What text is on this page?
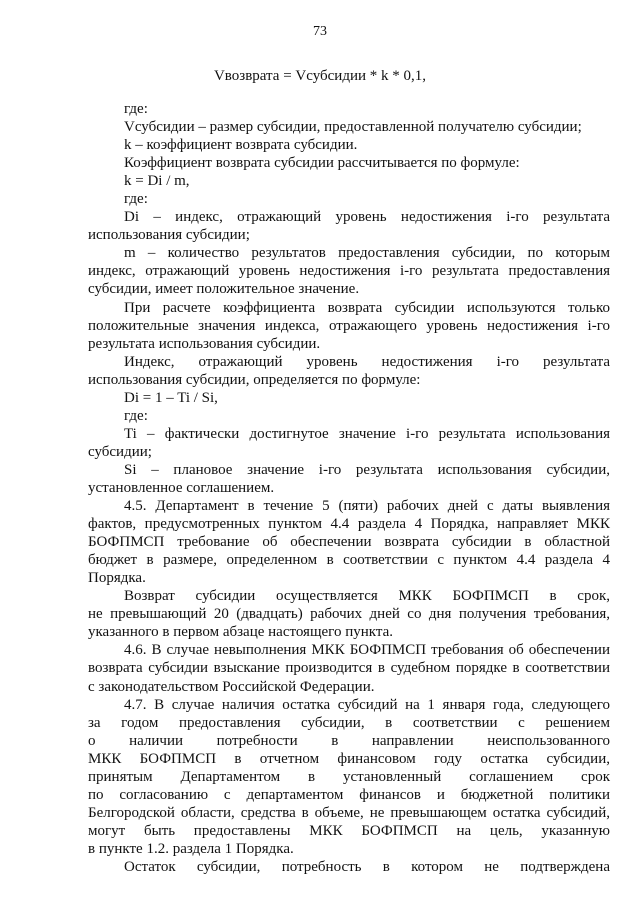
73
Vвозврата = Vсубсидии * k * 0,1,
где:
Vсубсидии – размер субсидии, предоставленной получателю субсидии;
k – коэффициент возврата субсидии.
Коэффициент возврата субсидии рассчитывается по формуле:
k = Di / m,
где:
Di – индекс, отражающий уровень недостижения i-го результата
использования субсидии;
m – количество результатов предоставления субсидии, по которым
индекс, отражающий уровень недостижения i-го результата предоставления
субсидии, имеет положительное значение.
При расчете коэффициента возврата субсидии используются только
положительные значения индекса, отражающего уровень недостижения i-го
результата использования субсидии.
Индекс, отражающий уровень недостижения i-го результата
использования субсидии, определяется по формуле:
Di = 1 – Ti / Si,
где:
Ti – фактически достигнутое значение i-го результата использования
субсидии;
Si – плановое значение i-го результата использования субсидии,
установленное соглашением.
4.5. Департамент в течение 5 (пяти) рабочих дней с даты выявления
фактов, предусмотренных пунктом 4.4 раздела 4 Порядка, направляет МКК
БОФПМСП требование об обеспечении возврата субсидии в областной
бюджет в размере, определенном в соответствии с пунктом 4.4 раздела 4
Порядка.
Возврат субсидии осуществляется МКК БОФПМСП в срок,
не превышающий 20 (двадцать) рабочих дней со дня получения требования,
указанного в первом абзаце настоящего пункта.
4.6. В случае невыполнения МКК БОФПМСП требования об обеспечении
возврата субсидии взыскание производится в судебном порядке в соответствии
с законодательством Российской Федерации.
4.7. В случае наличия остатка субсидий на 1 января года, следующего
за годом предоставления субсидии, в соответствии с решением
о наличии потребности в направлении неиспользованного
МКК БОФПМСП в отчетном финансовом году остатка субсидии,
принятым Департаментом в установленный соглашением срок
по согласованию с департаментом финансов и бюджетной политики
Белгородской области, средства в объеме, не превышающем остатка субсидий,
могут быть предоставлены МКК БОФПМСП на цель, указанную
в пункте 1.2. раздела 1 Порядка.
Остаток субсидии, потребность в котором не подтверждена
